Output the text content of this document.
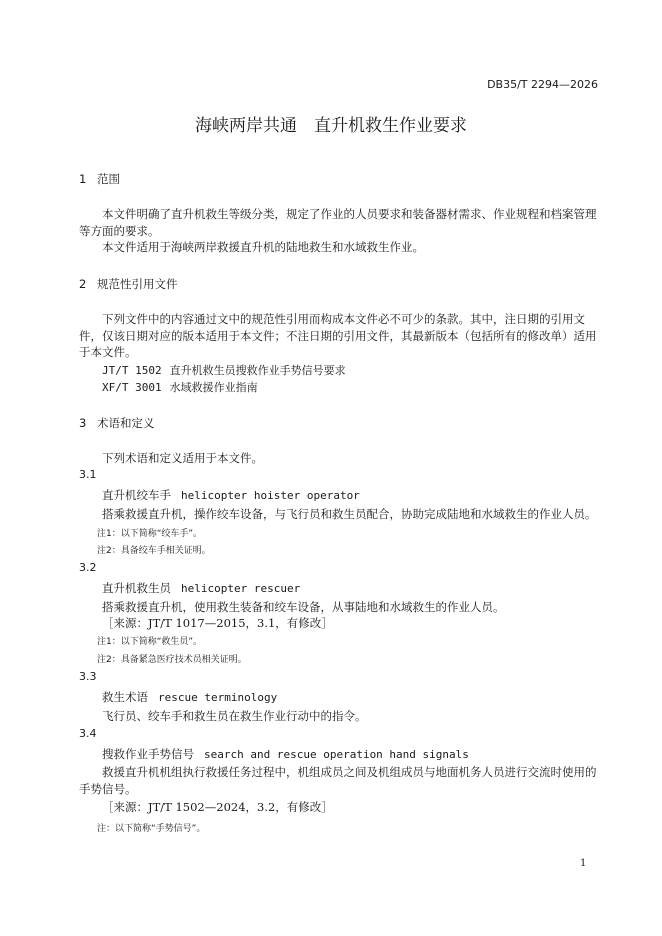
DB35/T 2294—2026
海峡两岸共通　直升机救生作业要求
1 范围
本文件明确了直升机救生等级分类，规定了作业的人员要求和装备器材需求、作业规程和档案管理等方面的要求。
本文件适用于海峡两岸救援直升机的陆地救生和水域救生作业。
2 规范性引用文件
下列文件中的内容通过文中的规范性引用而构成本文件必不可少的条款。其中，注日期的引用文件，仅该日期对应的版本适用于本文件；不注日期的引用文件，其最新版本（包括所有的修改单）适用于本文件。
JT/T 1502 直升机救生员搜救作业手势信号要求
XF/T 3001 水域救援作业指南
3 术语和定义
下列术语和定义适用于本文件。
3.1
直升机绞车手 helicopter hoister operator
搭乘救援直升机，操作绞车设备，与飞行员和救生员配合，协助完成陆地和水域救生的作业人员。
注1：以下简称“绞车手”。
注2：具备绞车手相关证明。
3.2
直升机救生员 helicopter rescuer
搭乘救援直升机，使用救生装备和绞车设备，从事陆地和水域救生的作业人员。
［来源：JT/T 1017—2015，3.1，有修改］
注1：以下简称“救生员”。
注2：具备紧急医疗技术员相关证明。
3.3
救生术语 rescue terminology
飞行员、绞车手和救生员在救生作业行动中的指令。
3.4
搜救作业手势信号 search and rescue operation hand signals
救援直升机机组执行救援任务过程中，机组成员之间及机组成员与地面机务人员进行交流时使用的手势信号。
［来源：JT/T 1502—2024，3.2，有修改］
注：以下简称“手势信号”。
1
